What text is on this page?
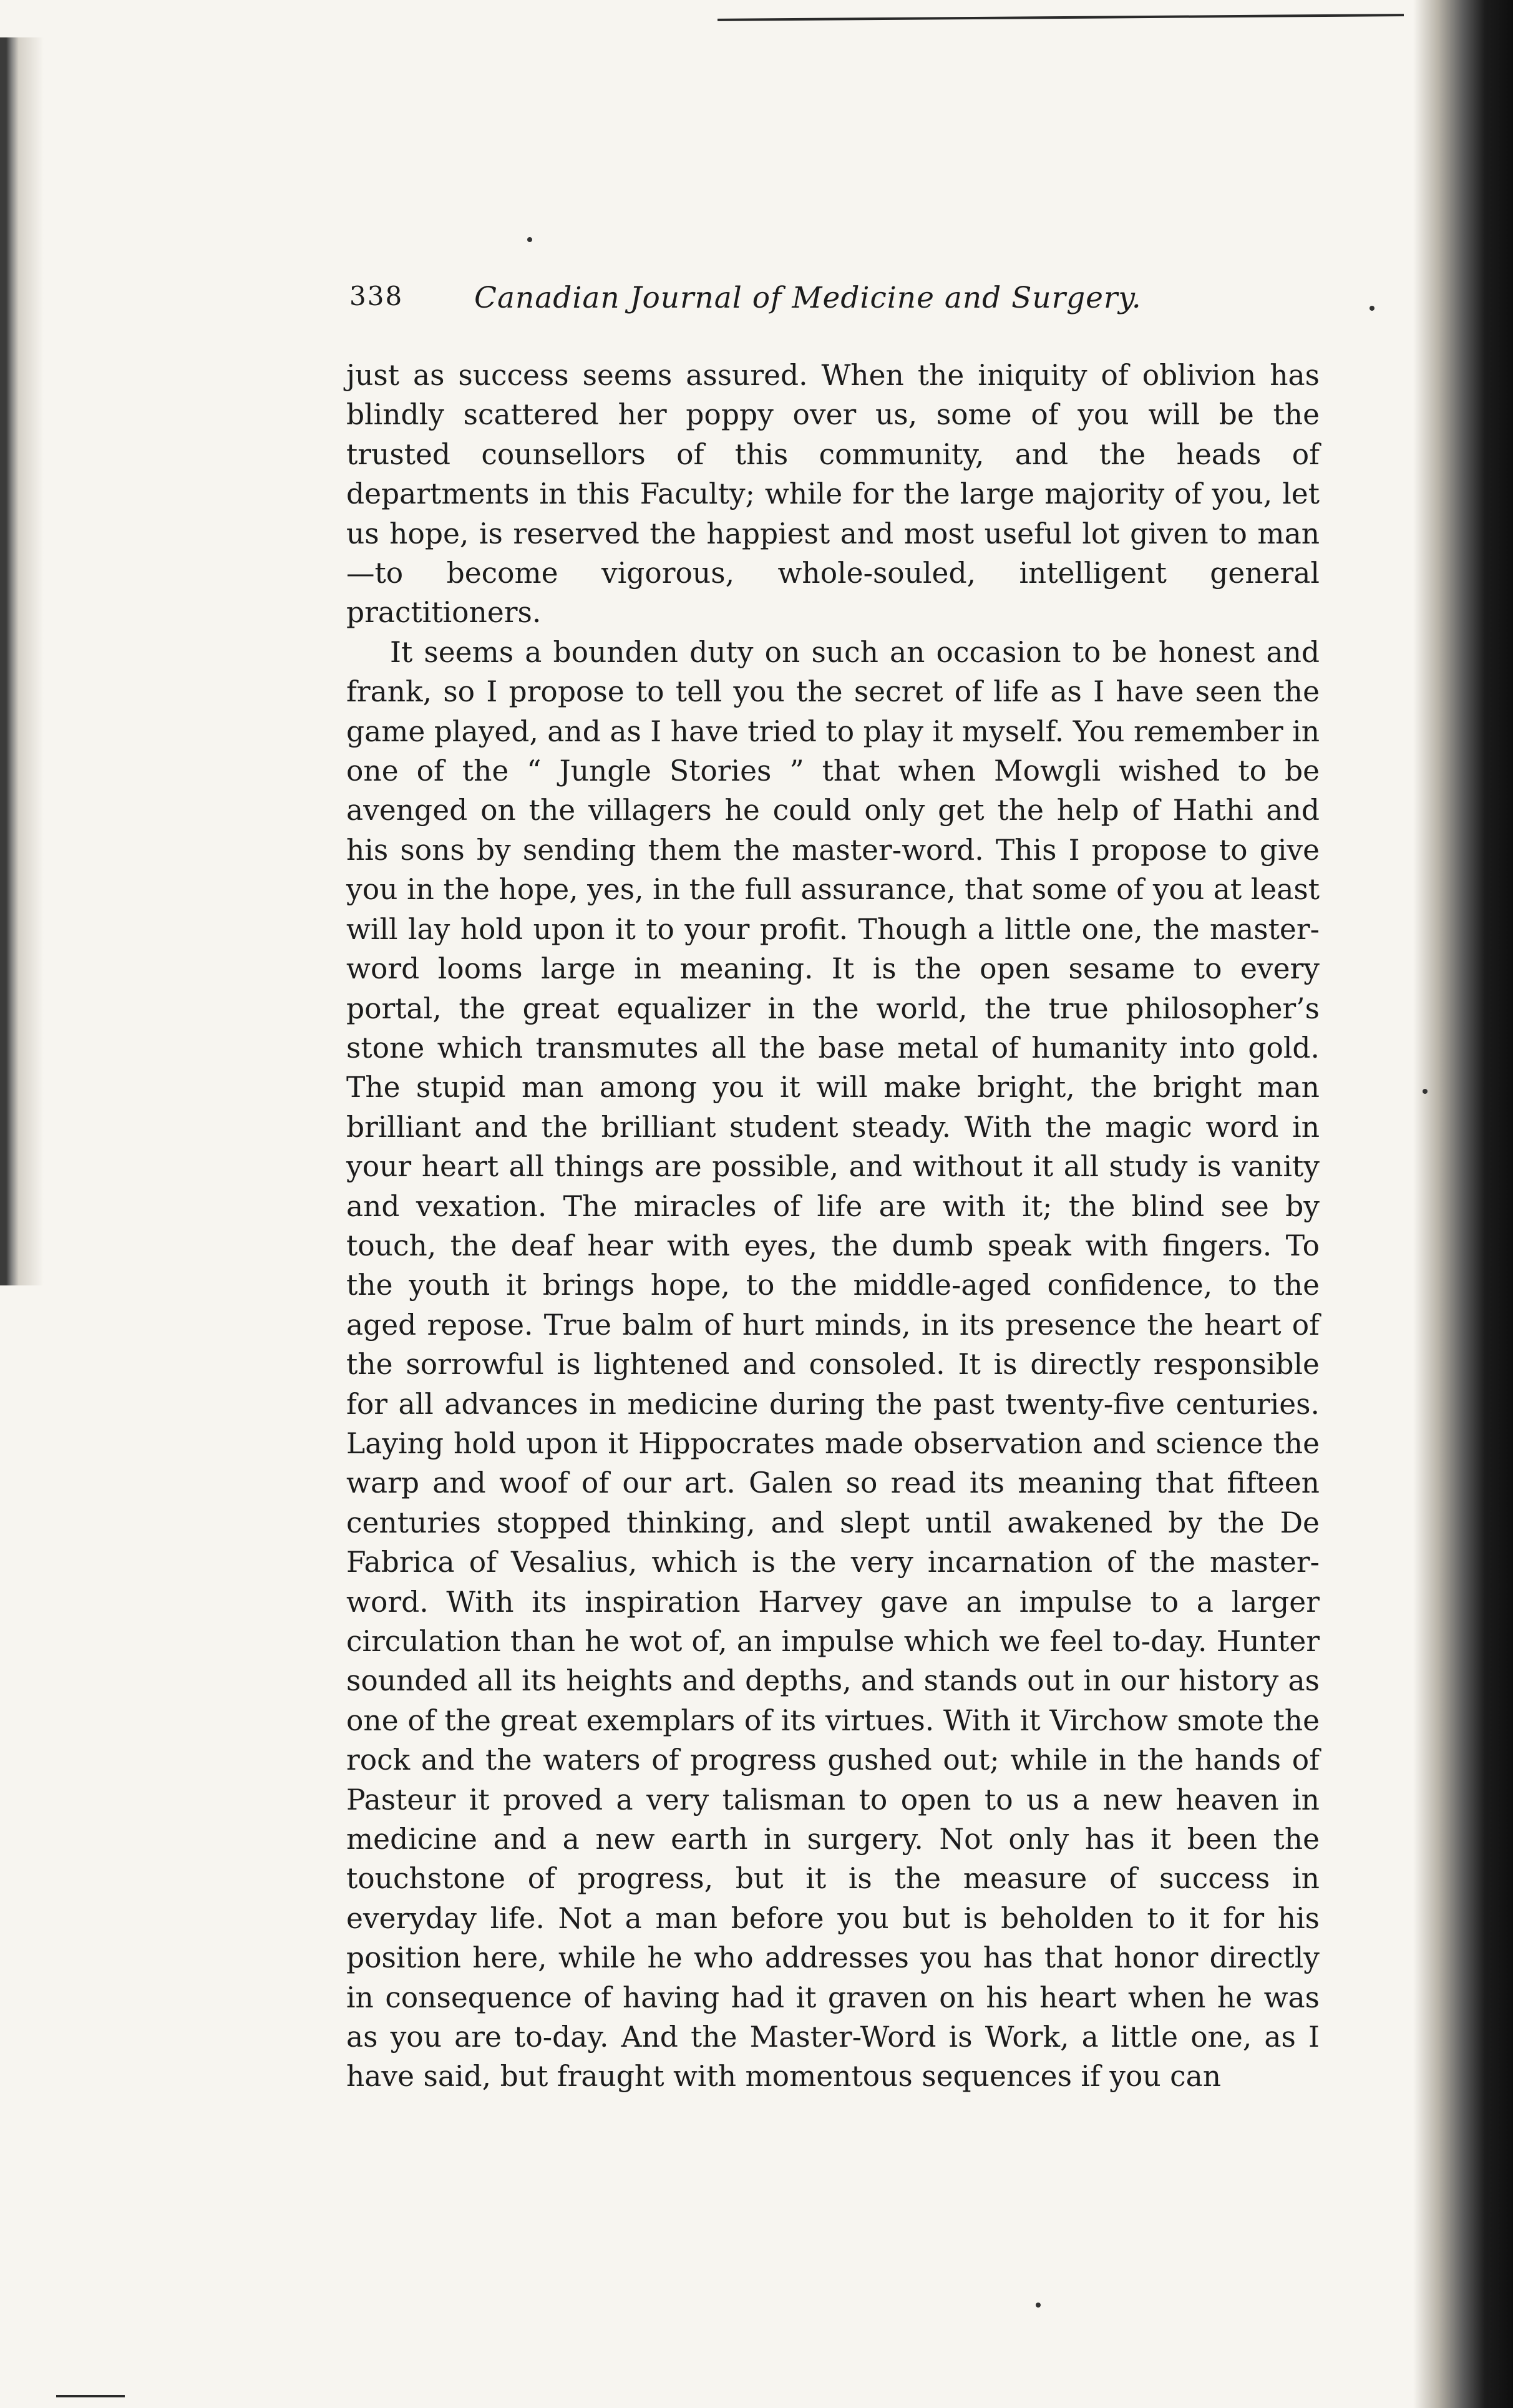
338 Canadian Journal of Medicine and Surgery.

just as success seems assured. When the iniquity of oblivion has blindly scattered her poppy over us, some of you will be the trusted counsellors of this community, and the heads of departments in this Faculty; while for the large majority of you, let us hope, is reserved the happiest and most useful lot given to man—to become vigorous, whole-souled, intelligent general practitioners.

It seems a bounden duty on such an occasion to be honest and frank, so I propose to tell you the secret of life as I have seen the game played, and as I have tried to play it myself. You remember in one of the “ Jungle Stories ” that when Mowgli wished to be avenged on the villagers he could only get the help of Hathi and his sons by sending them the master-word. This I propose to give you in the hope, yes, in the full assurance, that some of you at least will lay hold upon it to your profit. Though a little one, the master-word looms large in meaning. It is the open sesame to every portal, the great equalizer in the world, the true philosopher’s stone which transmutes all the base metal of humanity into gold. The stupid man among you it will make bright, the bright man brilliant and the brilliant student steady. With the magic word in your heart all things are possible, and without it all study is vanity and vexation. The miracles of life are with it; the blind see by touch, the deaf hear with eyes, the dumb speak with fingers. To the youth it brings hope, to the middle-aged confidence, to the aged repose. True balm of hurt minds, in its presence the heart of the sorrowful is lightened and consoled. It is directly responsible for all advances in medicine during the past twenty-five centuries. Laying hold upon it Hippocrates made observation and science the warp and woof of our art. Galen so read its meaning that fifteen centuries stopped thinking, and slept until awakened by the De Fabrica of Vesalius, which is the very incarnation of the master-word. With its inspiration Harvey gave an impulse to a larger circulation than he wot of, an impulse which we feel to-day. Hunter sounded all its heights and depths, and stands out in our history as one of the great exemplars of its virtues. With it Virchow smote the rock and the waters of progress gushed out; while in the hands of Pasteur it proved a very talisman to open to us a new heaven in medicine and a new earth in surgery. Not only has it been the touchstone of progress, but it is the measure of success in everyday life. Not a man before you but is beholden to it for his position here, while he who addresses you has that honor directly in consequence of having had it graven on his heart when he was as you are to-day. And the Master-Word is Work, a little one, as I have said, but fraught with momentous sequences if you can
